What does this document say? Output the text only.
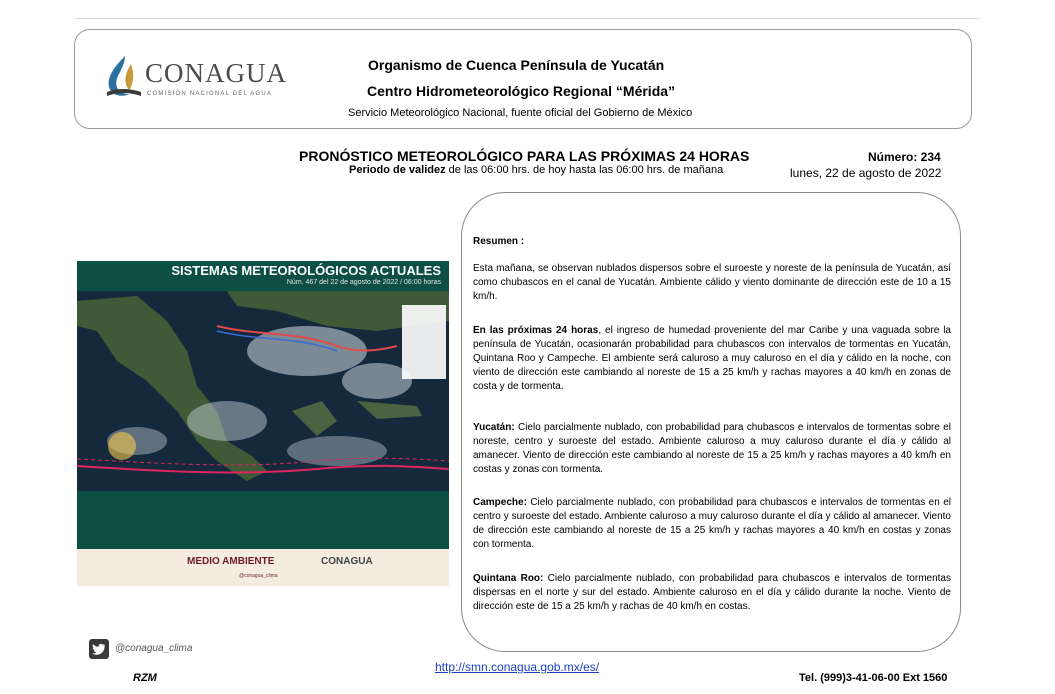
CONAGUA
COMISIÓN NACIONAL DEL AGUA
Organismo de Cuenca Península de Yucatán
Centro Hidrometeorológico Regional “Mérida”
Servicio Meteorológico Nacional, fuente oficial del Gobierno de México
PRONÓSTICO METEOROLÓGICO PARA LAS PRÓXIMAS 24 HORAS
Periodo de validez de las 06:00 hrs. de hoy hasta las 06:00 hrs. de mañana
Número: 234
lunes, 22 de agosto de 2022
SISTEMAS METEOROLÓGICOS ACTUALES
Núm. 467 del 22 de agosto de 2022 / 06:00 horas
MEDIO AMBIENTE	CONAGUA
@conagua_clima

Resumen :

Esta mañana, se observan nublados dispersos sobre el suroeste y noreste de la península de Yucatán, así como chubascos en el canal de Yucatán. Ambiente cálido y viento dominante de dirección este de 10 a 15 km/h.

En las próximas 24 horas, el ingreso de humedad proveniente del mar Caribe y una vaguada sobre la península de Yucatán, ocasionarán probabilidad para chubascos con intervalos de tormentas en Yucatán, Quintana Roo y Campeche. El ambiente será caluroso a muy caluroso en el día y cálido en la noche, con viento de dirección este cambiando al noreste de 15 a 25 km/h y rachas mayores a 40 km/h en zonas de costa y de tormenta.

Yucatán: Cielo parcialmente nublado, con probabilidad para chubascos e intervalos de tormentas sobre el noreste, centro y suroeste del estado. Ambiente caluroso a muy caluroso durante el día y cálido al amanecer. Viento de dirección este cambiando al noreste de 15 a 25 km/h y rachas mayores a 40 km/h en costas y zonas con tormenta.

Campeche: Cielo parcialmente nublado, con probabilidad para chubascos e intervalos de tormentas en el centro y suroeste del estado. Ambiente caluroso a muy caluroso durante el día y cálido al amanecer. Viento de dirección este cambiando al noreste de 15 a 25 km/h y rachas mayores a 40 km/h en costas y zonas con tormenta.

Quintana Roo: Cielo parcialmente nublado, con probabilidad para chubascos e intervalos de tormentas dispersas en el norte y sur del estado. Ambiente caluroso en el día y cálido durante la noche. Viento de dirección este de 15 a 25 km/h y rachas de 40 km/h en costas.

@conagua_clima
RZM
http://smn.conagua.gob.mx/es/
Tel. (999)3-41-06-00 Ext 1560
